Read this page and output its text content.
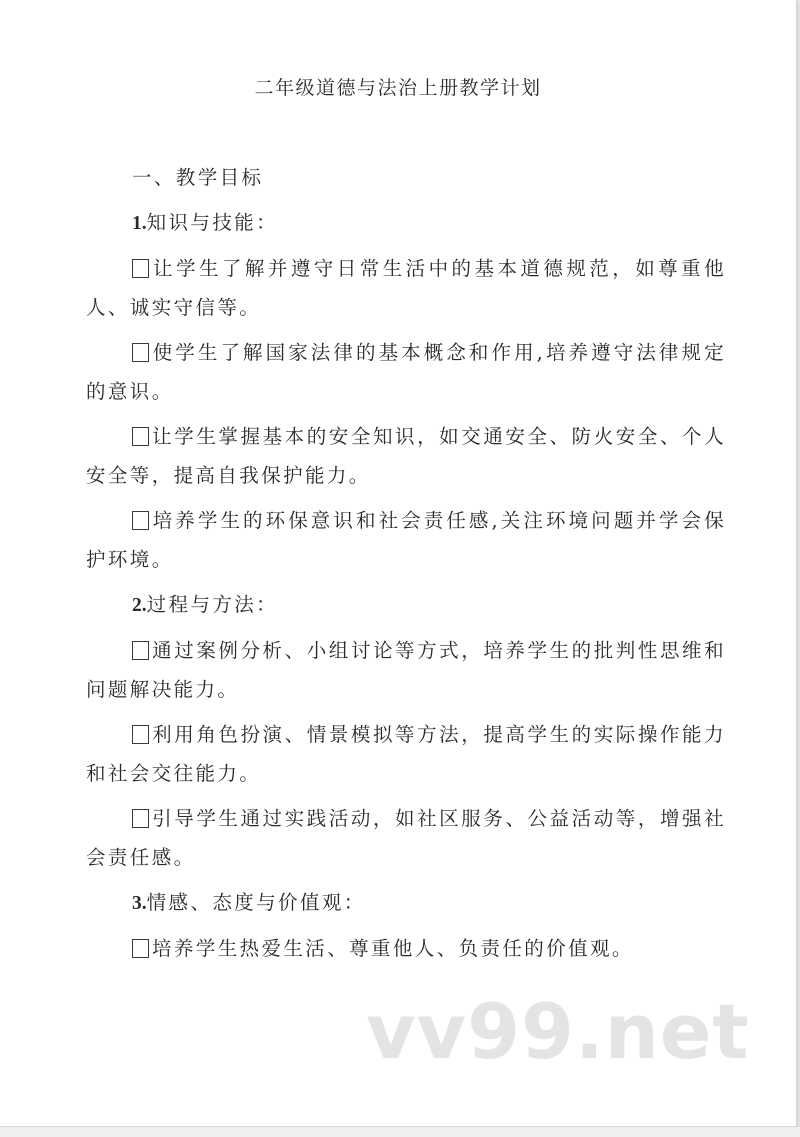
二年级道德与法治上册教学计划

一、教学目标

1.知识与技能：

让学生了解并遵守日常生活中的基本道德规范，如尊重他人、诚实守信等。

使学生了解国家法律的基本概念和作用,培养遵守法律规定的意识。

让学生掌握基本的安全知识，如交通安全、防火安全、个人安全等，提高自我保护能力。

培养学生的环保意识和社会责任感,关注环境问题并学会保护环境。

2.过程与方法：

通过案例分析、小组讨论等方式，培养学生的批判性思维和问题解决能力。

利用角色扮演、情景模拟等方法，提高学生的实际操作能力和社会交往能力。

引导学生通过实践活动，如社区服务、公益活动等，增强社会责任感。

3.情感、态度与价值观：

培养学生热爱生活、尊重他人、负责任的价值观。

vv99.net
